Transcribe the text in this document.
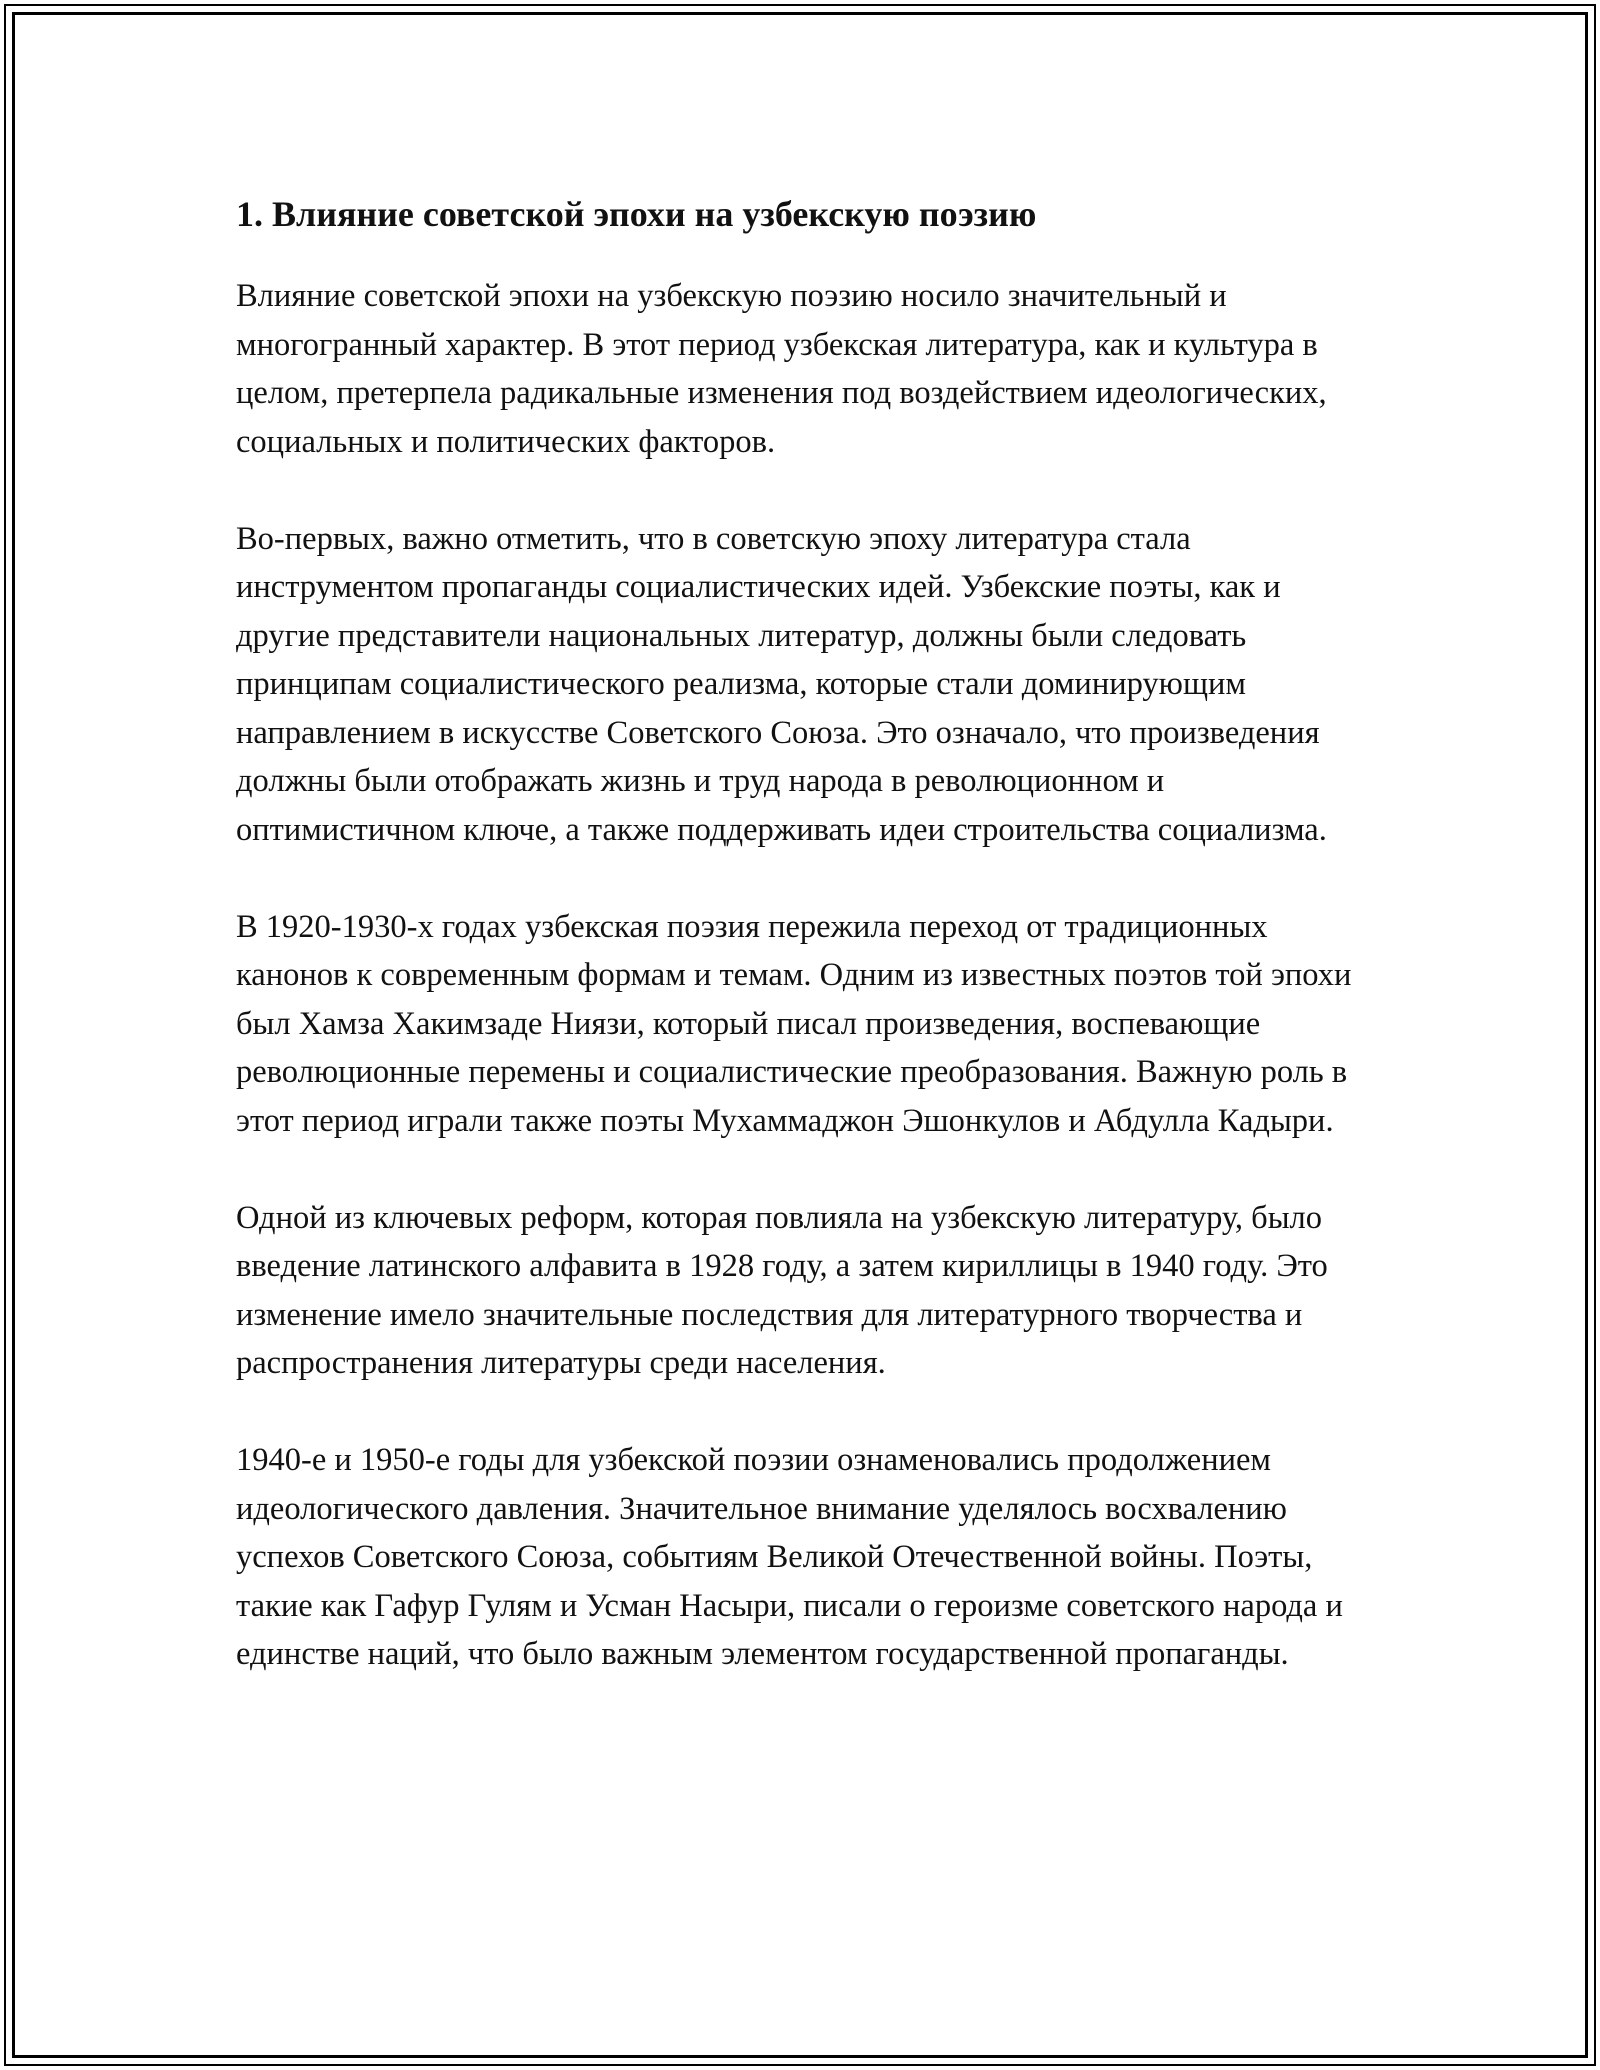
1. Влияние советской эпохи на узбекскую поэзию

Влияние советской эпохи на узбекскую поэзию носило значительный и многогранный характер. В этот период узбекская литература, как и культура в целом, претерпела радикальные изменения под воздействием идеологических, социальных и политических факторов.

Во-первых, важно отметить, что в советскую эпоху литература стала инструментом пропаганды социалистических идей. Узбекские поэты, как и другие представители национальных литератур, должны были следовать принципам социалистического реализма, которые стали доминирующим направлением в искусстве Советского Союза. Это означало, что произведения должны были отображать жизнь и труд народа в революционном и оптимистичном ключе, а также поддерживать идеи строительства социализма.

В 1920-1930-х годах узбекская поэзия пережила переход от традиционных канонов к современным формам и темам. Одним из известных поэтов той эпохи был Хамза Хакимзаде Ниязи, который писал произведения, воспевающие революционные перемены и социалистические преобразования. Важную роль в этот период играли также поэты Мухаммаджон Эшонкулов и Абдулла Кадыри.

Одной из ключевых реформ, которая повлияла на узбекскую литературу, было введение латинского алфавита в 1928 году, а затем кириллицы в 1940 году. Это изменение имело значительные последствия для литературного творчества и распространения литературы среди населения.

1940-е и 1950-е годы для узбекской поэзии ознаменовались продолжением идеологического давления. Значительное внимание уделялось восхвалению успехов Советского Союза, событиям Великой Отечественной войны. Поэты, такие как Гафур Гулям и Усман Насыри, писали о героизме советского народа и единстве наций, что было важным элементом государственной пропаганды.
